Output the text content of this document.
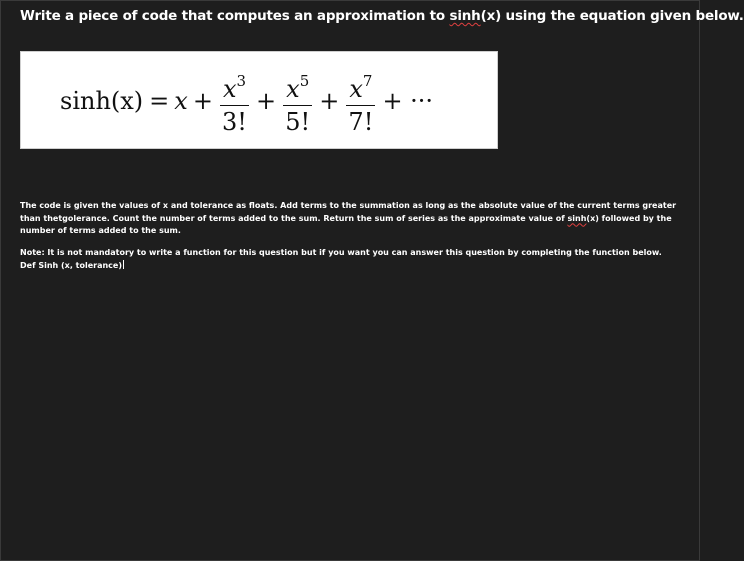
Write a piece of code that computes an approximation to sinh(x) using the equation given below.
$\sinh(x) = x + \frac{x^3}{3!} + \frac{x^5}{5!} + \frac{x^7}{7!}$ + ···
The code is given the values of x and tolerance as floats. Add terms to the summation as long as the absolute value of the current terms greater than thetgolerance. Count the number of terms added to the sum. Return the sum of series as the approximate value of sinh(x) followed by the number of terms added to the sum.
Note: It is not mandatory to write a function for this question but if you want you can answer this question by completing the function below.
Def Sinh (x, tolerance)
